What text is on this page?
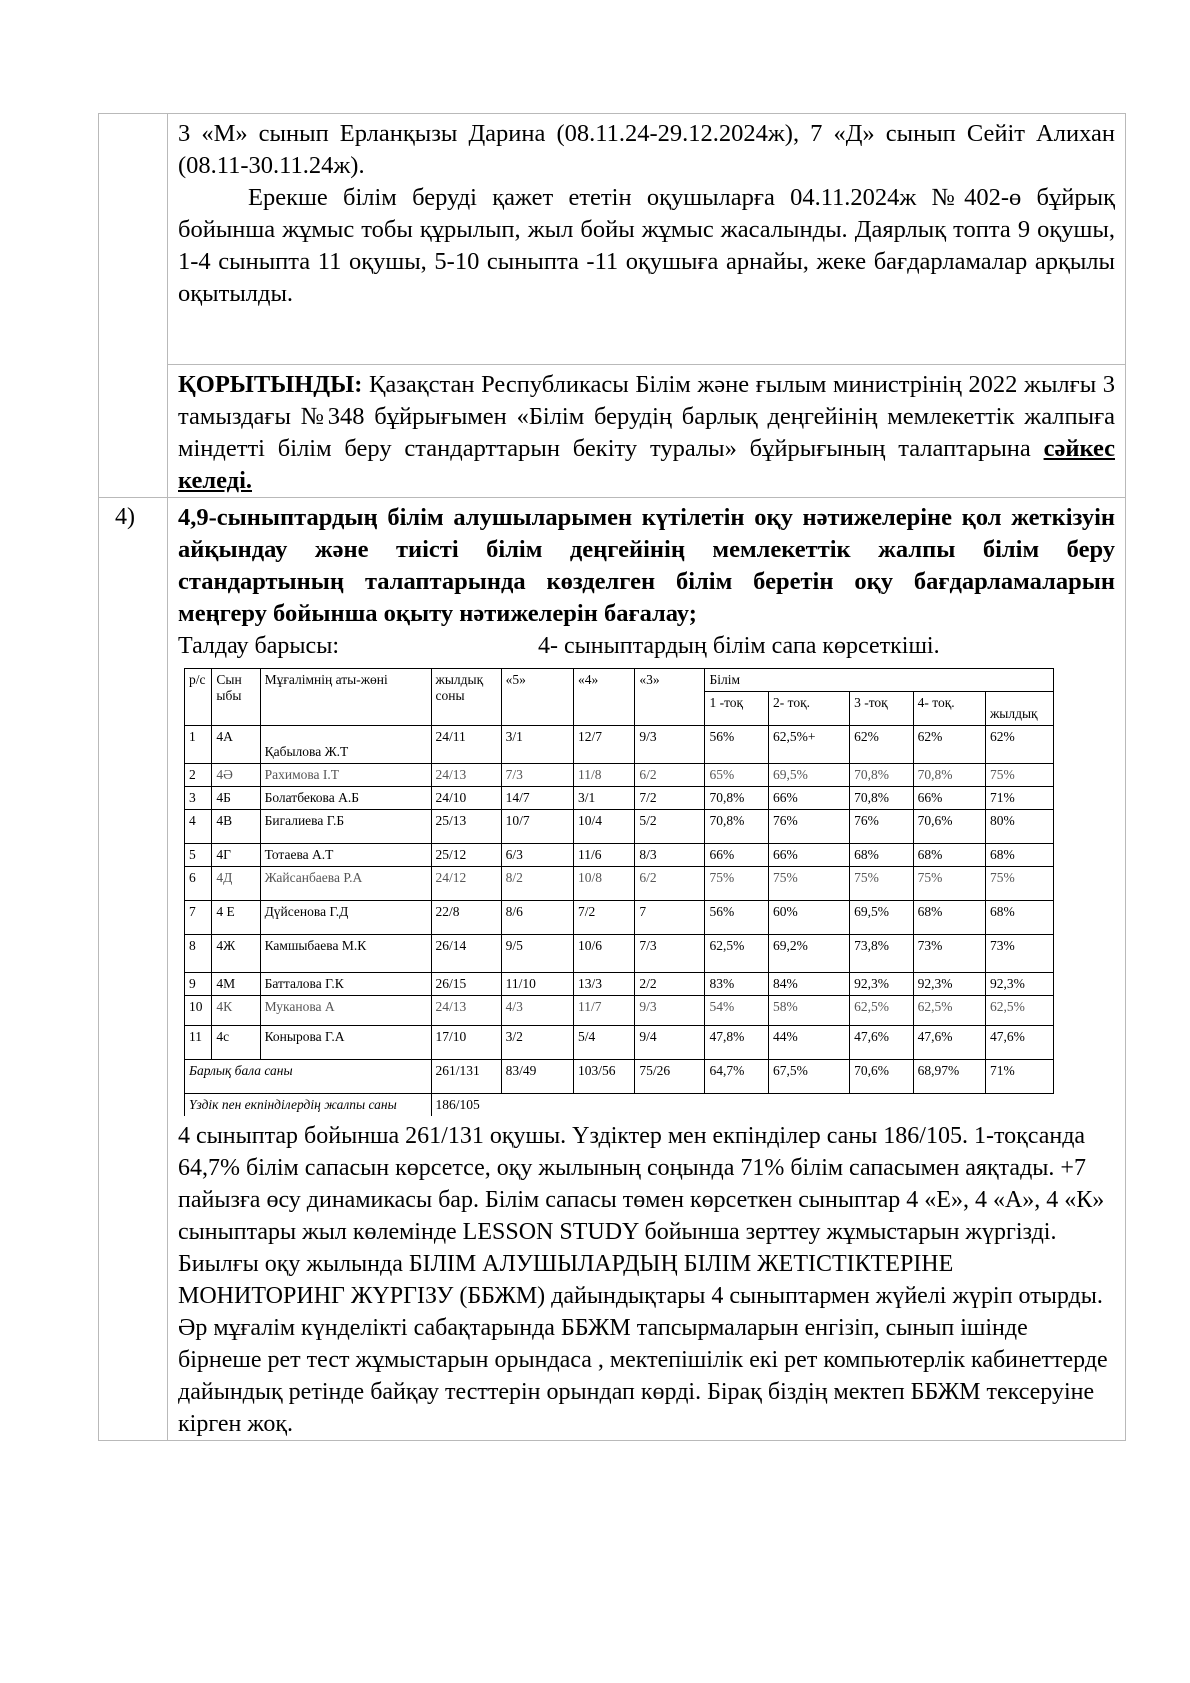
3 «М» сынып Ерланқызы Дарина (08.11.24-29.12.2024ж), 7 «Д» сынып Сейіт Алихан (08.11-30.11.24ж).

Ерекше білім беруді қажет ететін оқушыларға 04.11.2024ж №402-ө бұйрық бойынша жұмыс тобы құрылып, жыл бойы жұмыс жасалынды. Даярлық топта 9 оқушы, 1-4 сыныпта 11 оқушы, 5-10 сыныпта -11 оқушыға арнайы, жеке бағдарламалар арқылы оқытылды.

ҚОРЫТЫНДЫ: Қазақстан Республикасы Білім және ғылым министрінің 2022 жылғы 3 тамыздағы №348 бұйрығымен «Білім берудің барлық деңгейінің мемлекеттік жалпыға міндетті білім беру стандарттарын бекіту туралы» бұйрығының талаптарына сәйкес келеді.

4)	4,9-сыныптардың білім алушыларымен күтілетін оқу нәтижелеріне қол жеткізуін айқындау және тиісті білім деңгейінің мемлекеттік жалпы білім беру стандартының талаптарында көзделген білім беретін оқу бағдарламаларын меңгеру бойынша оқыту нәтижелерін бағалау;

Талдау барысы:	4- сыныптардың білім сапа көрсеткіші.
р/с	Сын ыбы	Мұғалімнің аты-жөні	жылдық соны	«5»	«4»	«3»	Білім
1 -тоқ	2- тоқ.	3 -тоқ	4- тоқ.	жылдық
1	4А	Қабылова Ж.Т	24/11	3/1	12/7	9/3	56%	62,5%+	62%	62%	62%
2	4Ә	Рахимова І.Т	24/13	7/3	11/8	6/2	65%	69,5%	70,8%	70,8%	75%
3	4Б	Болатбекова А.Б	24/10	14/7	3/1	7/2	70,8%	66%	70,8%	66%	71%
4	4В	Бигалиева Г.Б	25/13	10/7	10/4	5/2	70,8%	76%	76%	70,6%	80%
5	4Г	Тотаева А.Т	25/12	6/3	11/6	8/3	66%	66%	68%	68%	68%
6	4Д	Жайсанбаева Р.А	24/12	8/2	10/8	6/2	75%	75%	75%	75%	75%
7	4 Е	Дүйсенова Г.Д	22/8	8/6	7/2	7	56%	60%	69,5%	68%	68%
8	4Ж	Камшыбаева М.К	26/14	9/5	10/6	7/3	62,5%	69,2%	73,8%	73%	73%
9	4М	Батталова Г.К	26/15	11/10	13/3	2/2	83%	84%	92,3%	92,3%	92,3%
10	4К	Муканова А	24/13	4/3	11/7	9/3	54%	58%	62,5%	62,5%	62,5%
11	4с	Конырова Г.А	17/10	3/2	5/4	9/4	47,8%	44%	47,6%	47,6%	47,6%
Барлық бала саны	261/131	83/49	103/56	75/26	64,7%	67,5%	70,6%	68,97%	71%
Үздік пен екпінділердің жалпы саны	186/105	

4 сыныптар бойынша 261/131 оқушы. Үздіктер мен екпінділер саны 186/105. 1-тоқсанда 64,7% білім сапасын көрсетсе, оқу жылының соңында 71% білім сапасымен аяқтады. +7 пайызға өсу динамикасы бар. Білім сапасы төмен көрсеткен сыныптар 4 «Е», 4 «А», 4 «К» сыныптары жыл көлемінде LESSON STUDY бойынша зерттеу жұмыстарын жүргізді. Биылғы оқу жылында БІЛІМ АЛУШЫЛАРДЫҢ БІЛІМ ЖЕТІСТІКТЕРІНЕ МОНИТОРИНГ ЖҮРГІЗУ (ББЖМ) дайындықтары 4 сыныптармен жүйелі жүріп отырды. Әр мұғалім күнделікті сабақтарында ББЖМ тапсырмаларын енгізіп, сынып ішінде бірнеше рет тест жұмыстарын орындаса , мектепішілік екі рет компьютерлік кабинеттерде дайындық ретінде байқау тесттерін орындап көрді. Бірақ біздің мектеп ББЖМ тексеруіне кірген жоқ.
